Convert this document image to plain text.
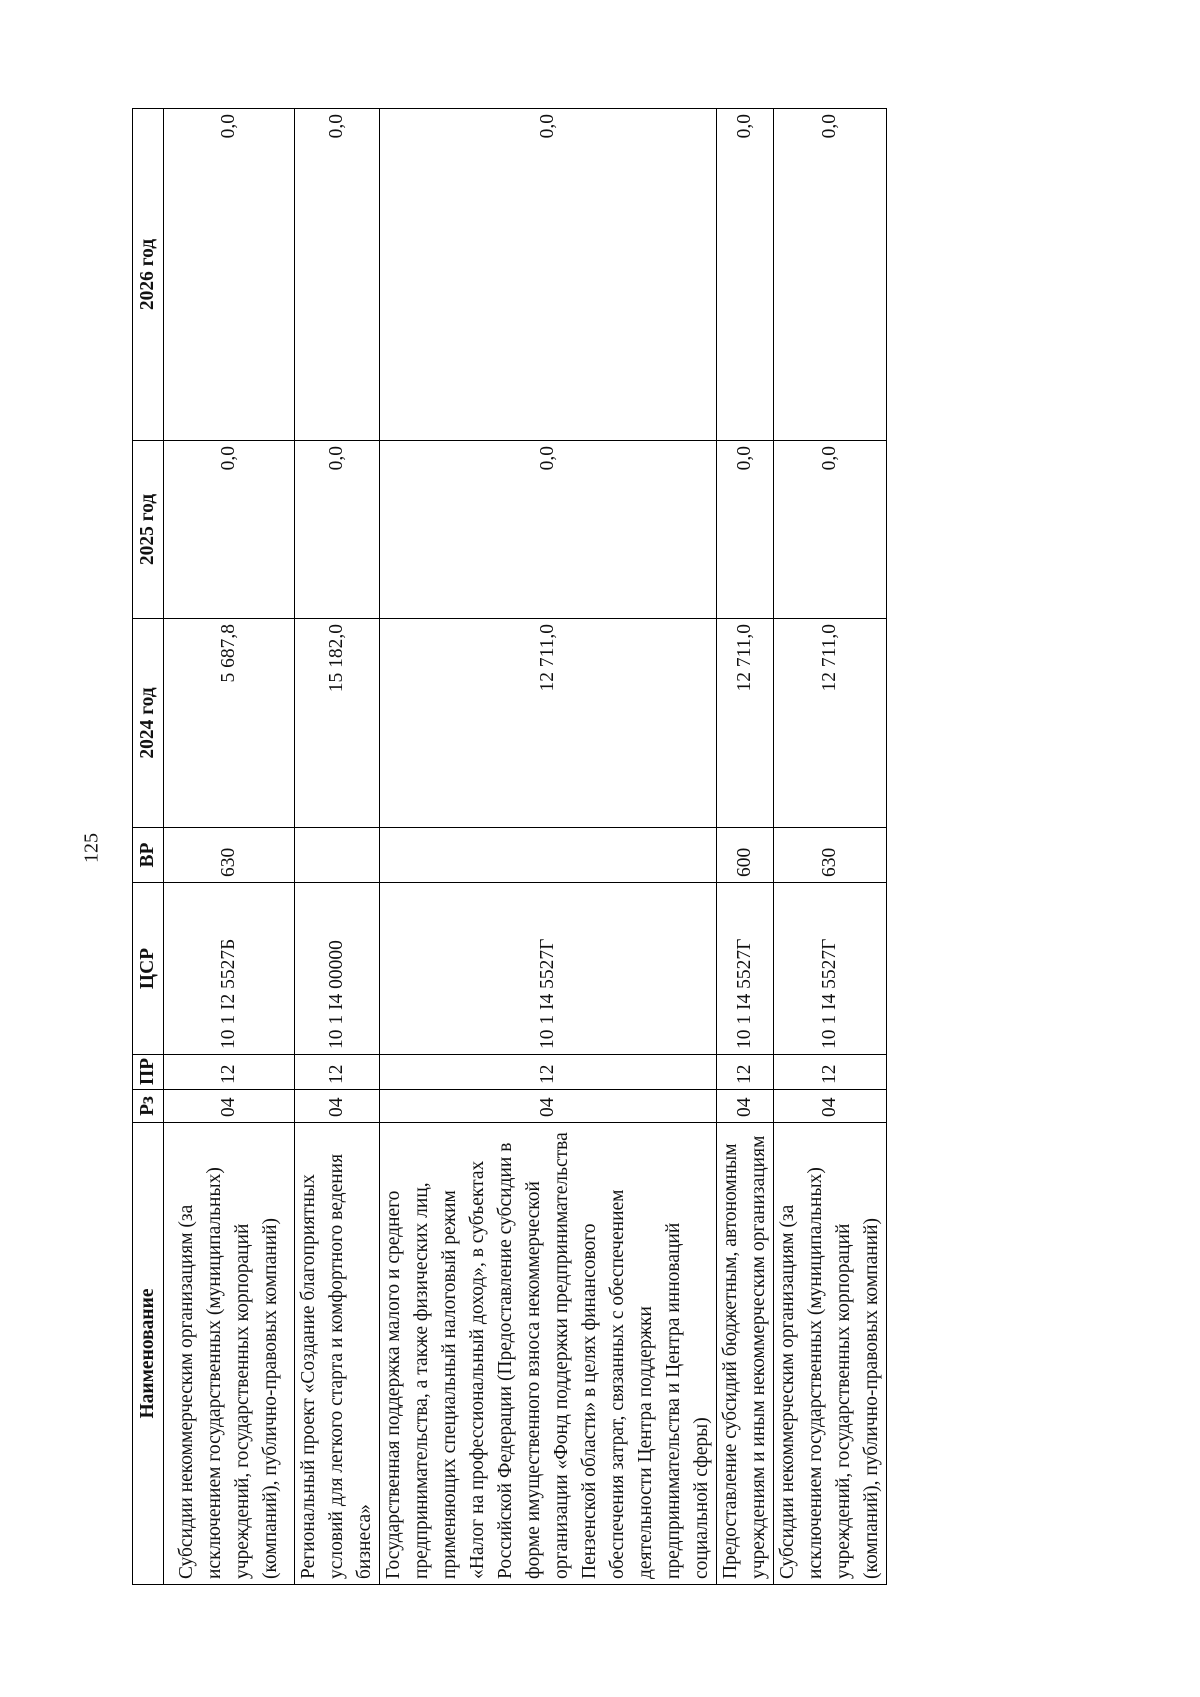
125
Наименование	Рз	ПР	ЦСР	ВР	2024 год	2025 год	2026 год
Субсидии некоммерческим организациям (за исключением государственных (муниципальных) учреждений, государственных корпораций (компаний), публично-правовых компаний)	04	12	10 1 I2 5527Б	630	5 687,8	0,0	0,0
Региональный проект «Создание благоприятных условий для легкого старта и комфортного ведения бизнеса»	04	12	10 1 I4 00000		15 182,0	0,0	0,0
Государственная поддержка малого и среднего предпринимательства, а также физических лиц, применяющих специальный налоговый режим «Налог на профессиональный доход», в субъектах Российской Федерации (Предоставление субсидии в форме имущественного взноса некоммерческой организации «Фонд поддержки предпринимательства Пензенской области» в целях финансового обеспечения затрат, связанных с обеспечением деятельности Центра поддержки предпринимательства и Центра инноваций социальной сферы)	04	12	10 1 I4 5527Г		12 711,0	0,0	0,0
Предоставление субсидий бюджетным, автономным учреждениям и иным некоммерческим организациям	04	12	10 1 I4 5527Г	600	12 711,0	0,0	0,0
Субсидии некоммерческим организациям (за исключением государственных (муниципальных) учреждений, государственных корпораций (компаний), публично-правовых компаний)	04	12	10 1 I4 5527Г	630	12 711,0	0,0	0,0
